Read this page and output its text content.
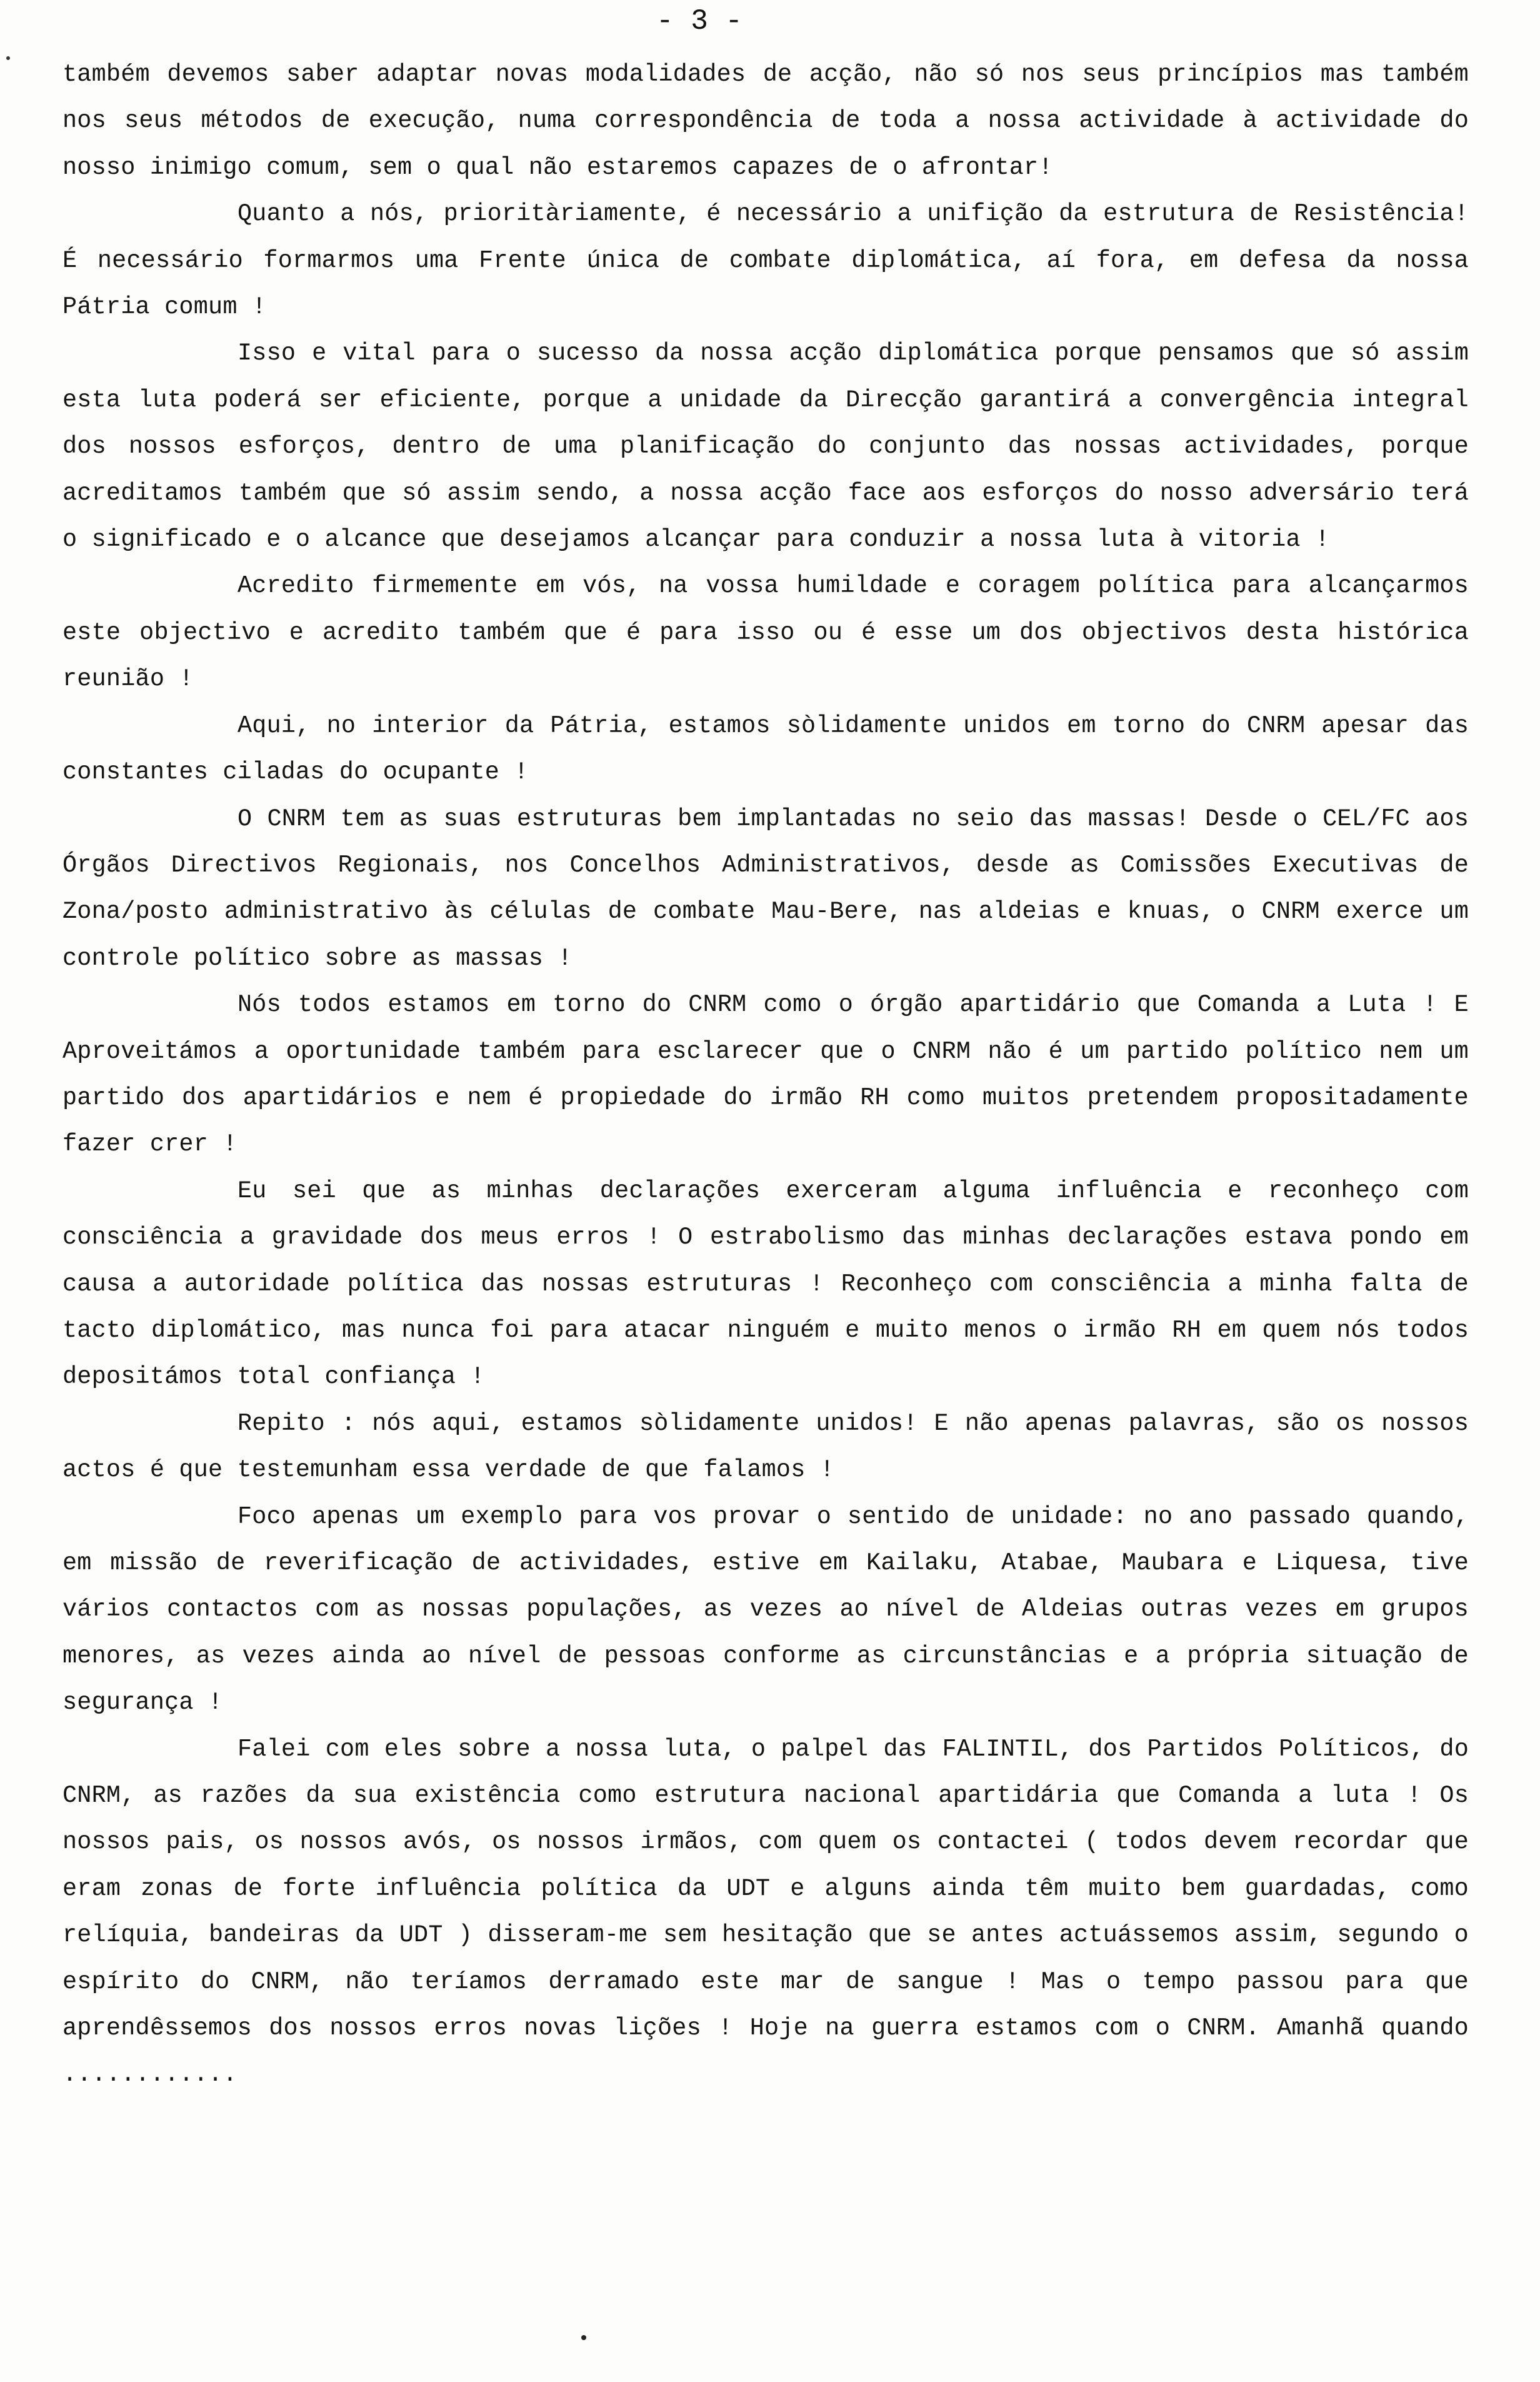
- 3 -

também devemos saber adaptar novas modalidades de acção, não só nos seus princípios mas também nos seus métodos de execução, numa correspondência de toda a nossa actividade à actividade do nosso inimigo comum, sem o qual não estaremos capazes de o afrontar!

Quanto a nós, prioritàriamente, é necessário a unifição da estrutura de Resistência! É necessário formarmos uma Frente única de combate diplomática, aí fora, em defesa da nossa Pátria comum !

Isso e vital para o sucesso da nossa acção diplomática porque pensamos que só assim esta luta poderá ser eficiente, porque a unidade da Direcção garantirá a convergência integral dos nossos esforços, dentro de uma planificação do conjunto das nossas actividades, porque acreditamos também que só assim sendo, a nossa acção face aos esforços do nosso adversário terá o significado e o alcance que desejamos alcançar para conduzir a nossa luta à vitoria !

Acredito firmemente em vós, na vossa humildade e coragem política para alcançarmos este objectivo e acredito também que é para isso ou é esse um dos objectivos desta histórica reunião !

Aqui, no interior da Pátria, estamos sòlidamente unidos em torno do CNRM apesar das constantes ciladas do ocupante !

O CNRM tem as suas estruturas bem implantadas no seio das massas! Desde o CEL/FC aos Órgãos Directivos Regionais, nos Concelhos Administrativos, desde as Comissões Executivas de Zona/posto administrativo às células de combate Mau-Bere, nas aldeias e knuas, o CNRM exerce um controle político sobre as massas !

Nós todos estamos em torno do CNRM como o órgão apartidário que Comanda a Luta ! E Aproveitámos a oportunidade também para esclarecer que o CNRM não é um partido político nem um partido dos apartidários e nem é propiedade do irmão RH como muitos pretendem propositadamente fazer crer !

Eu sei que as minhas declarações exerceram alguma influência e reconheço com consciência a gravidade dos meus erros ! O estrabolismo das minhas declarações estava pondo em causa a autoridade política das nossas estruturas ! Reconheço com consciência a minha falta de tacto diplomático, mas nunca foi para atacar ninguém e muito menos o irmão RH em quem nós todos depositámos total confiança !

Repito : nós aqui, estamos sòlidamente unidos! E não apenas palavras, são os nossos actos é que testemunham essa verdade de que falamos !

Foco apenas um exemplo para vos provar o sentido de unidade: no ano passado quando, em missão de reverificação de actividades, estive em Kailaku, Atabae, Maubara e Liquesa, tive vários contactos com as nossas populações, as vezes ao nível de Aldeias outras vezes em grupos menores, as vezes ainda ao nível de pessoas conforme as circunstâncias e a própria situação de segurança !

Falei com eles sobre a nossa luta, o palpel das FALINTIL, dos Partidos Políticos, do CNRM, as razões da sua existência como estrutura nacional apartidária que Comanda a luta ! Os nossos pais, os nossos avós, os nossos irmãos, com quem os contactei ( todos devem recordar que eram zonas de forte influência política da UDT e alguns ainda têm muito bem guardadas, como relíquia, bandeiras da UDT ) disseram-me sem hesitação que se antes actuássemos assim, segundo o espírito do CNRM, não teríamos derramado este mar de sangue ! Mas o tempo passou para que aprendêssemos dos nossos erros novas lições ! Hoje na guerra estamos com o CNRM. Amanhã quando ............
